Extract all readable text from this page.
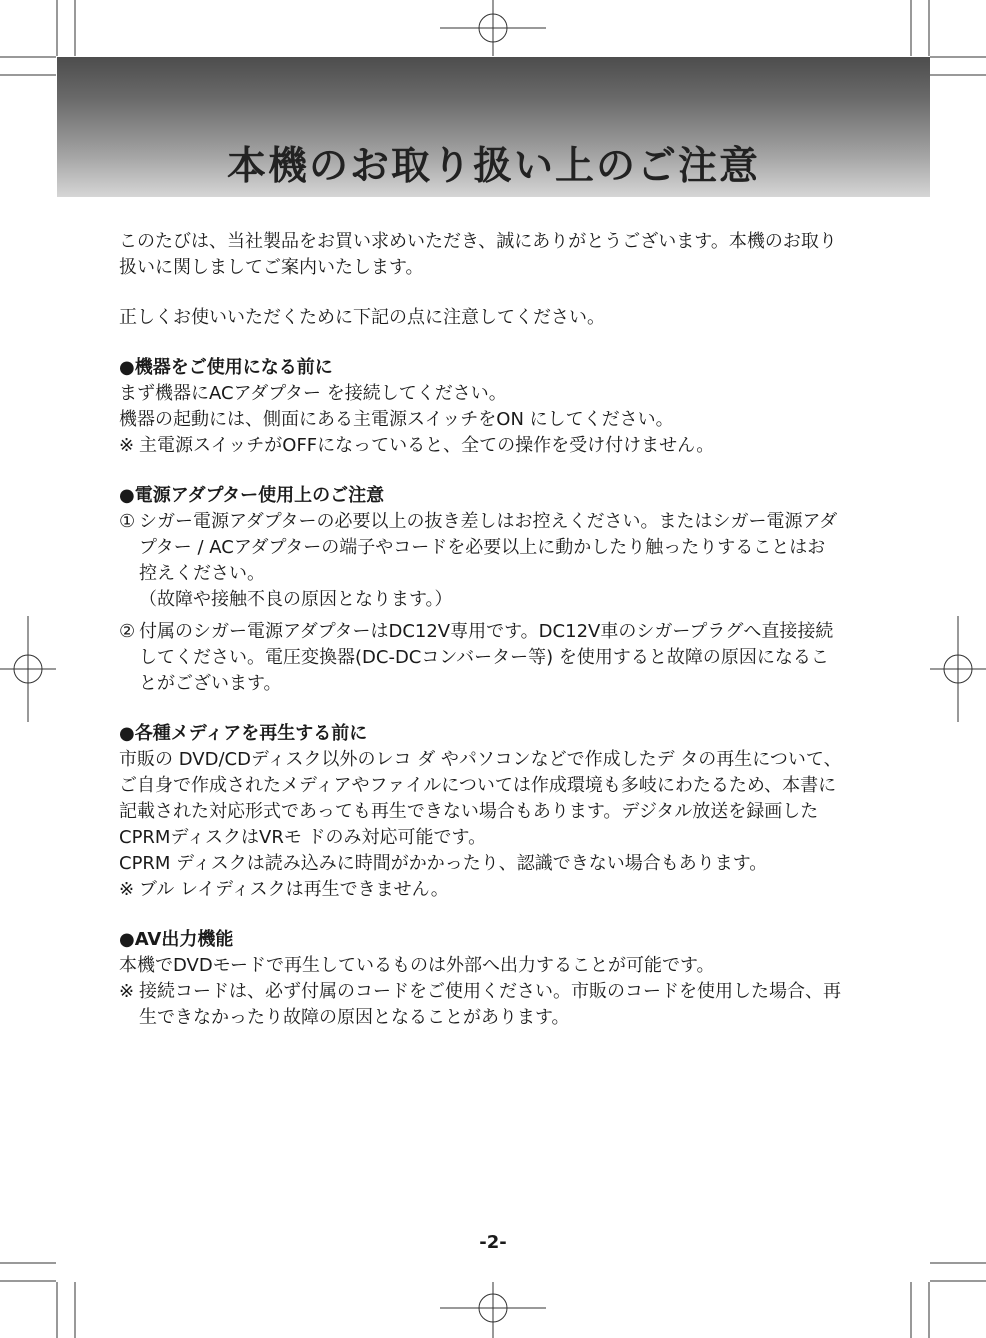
本機のお取り扱い上のご注意

このたびは、当社製品をお買い求めいただき、誠にありがとうございます。本機のお取り扱いに関しましてご案内いたします。

正しくお使いいただくために下記の点に注意してください。

●機器をご使用になる前に

まず機器にACアダプター を接続してください。

機器の起動には、側面にある主電源スイッチをON にしてください。

※ 主電源スイッチがOFFになっていると、全ての操作を受け付けません。

●電源アダプター使用上のご注意

① シガー電源アダプターの必要以上の抜き差しはお控えください。またはシガー電源アダプター / ACアダプターの端子やコードを必要以上に動かしたり触ったりすることはお控えください。

（故障や接触不良の原因となります。）

② 付属のシガー電源アダプターはDC12V専用です。DC12V車のシガープラグへ直接接続してください。電圧変換器(DC-DCコンバーター等) を使用すると故障の原因になることがございます。

●各種メディアを再生する前に

市販の DVD/CDディスク以外のレコ ダ やパソコンなどで作成したデ タの再生について、ご自身で作成されたメディアやファイルについては作成環境も多岐にわたるため、本書に記載された対応形式であっても再生できない場合もあります。デジタル放送を録画したCPRMディスクはVRモ ドのみ対応可能です。

CPRM ディスクは読み込みに時間がかかったり、認識できない場合もあります。

※ ブル レイディスクは再生できません。

●AV出力機能

本機でDVDモードで再生しているものは外部へ出力することが可能です。

※ 接続コードは、必ず付属のコードをご使用ください。市販のコードを使用した場合、再生できなかったり故障の原因となることがあります。
-2-
